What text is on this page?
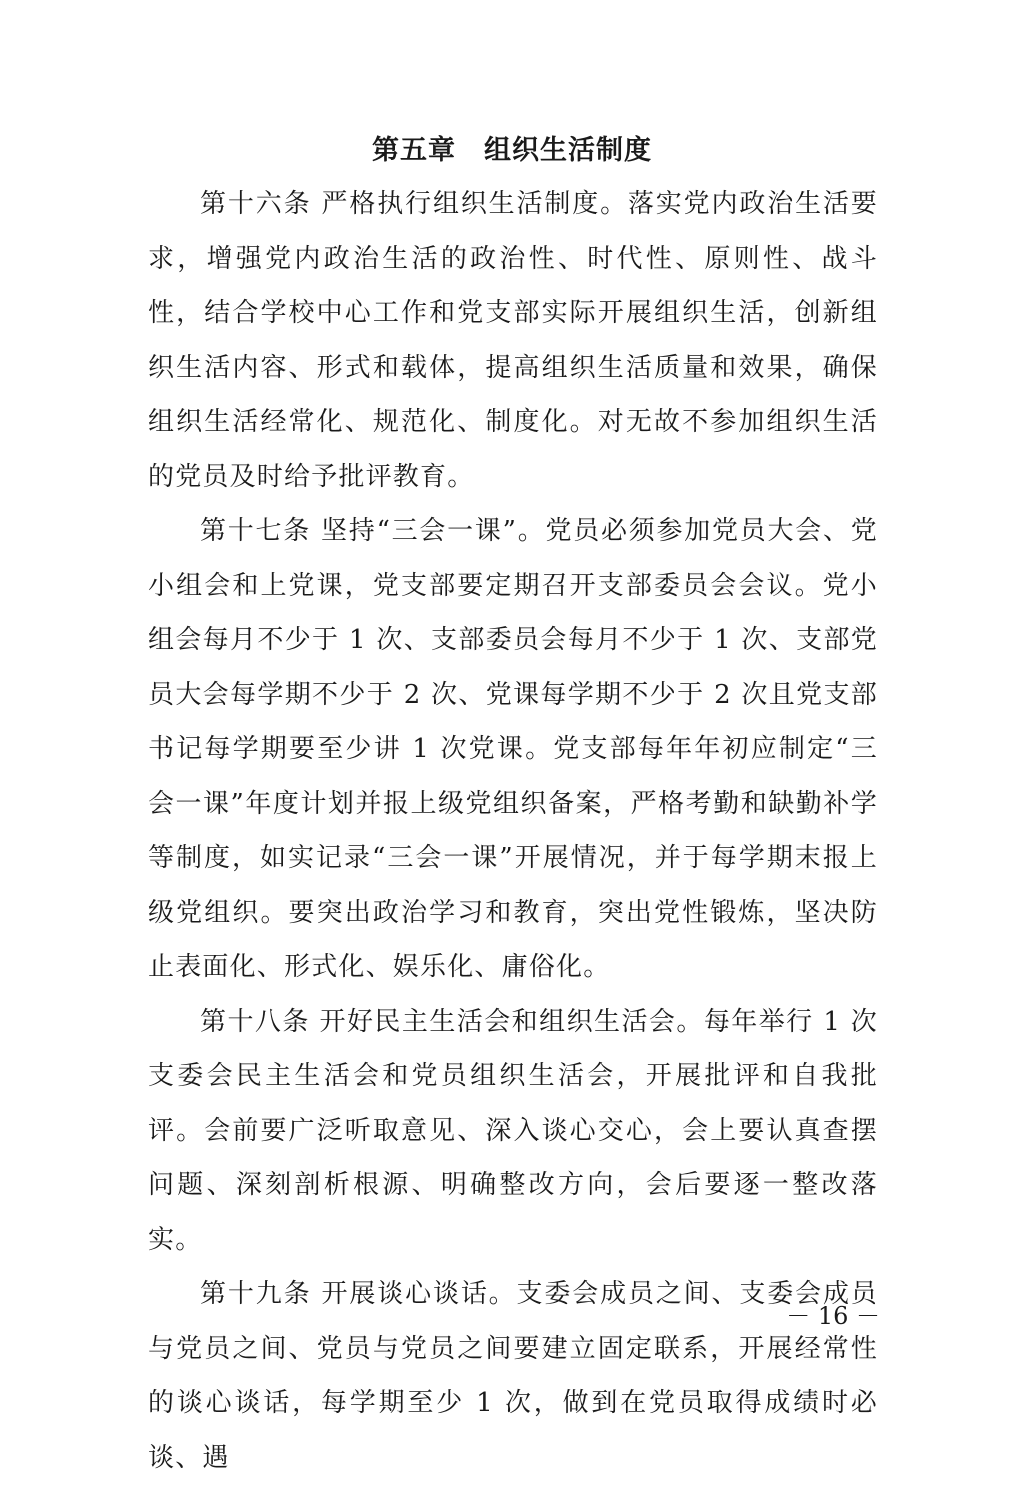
第五章　组织生活制度

第十六条 严格执行组织生活制度。落实党内政治生活要求，增强党内政治生活的政治性、时代性、原则性、战斗性，结合学校中心工作和党支部实际开展组织生活，创新组织生活内容、形式和载体，提高组织生活质量和效果，确保组织生活经常化、规范化、制度化。对无故不参加组织生活的党员及时给予批评教育。

第十七条 坚持“三会一课”。党员必须参加党员大会、党小组会和上党课，党支部要定期召开支部委员会会议。党小组会每月不少于 1 次、支部委员会每月不少于 1 次、支部党员大会每学期不少于 2 次、党课每学期不少于 2 次且党支部书记每学期要至少讲 1 次党课。党支部每年年初应制定“三会一课”年度计划并报上级党组织备案，严格考勤和缺勤补学等制度，如实记录“三会一课”开展情况，并于每学期末报上级党组织。要突出政治学习和教育，突出党性锻炼，坚决防止表面化、形式化、娱乐化、庸俗化。

第十八条 开好民主生活会和组织生活会。每年举行 1 次支委会民主生活会和党员组织生活会，开展批评和自我批评。会前要广泛听取意见、深入谈心交心，会上要认真查摆问题、深刻剖析根源、明确整改方向，会后要逐一整改落实。

第十九条 开展谈心谈话。支委会成员之间、支委会成员与党员之间、党员与党员之间要建立固定联系，开展经常性的谈心谈话，每学期至少 1 次，做到在党员取得成绩时必谈、遇

－ 16 －
